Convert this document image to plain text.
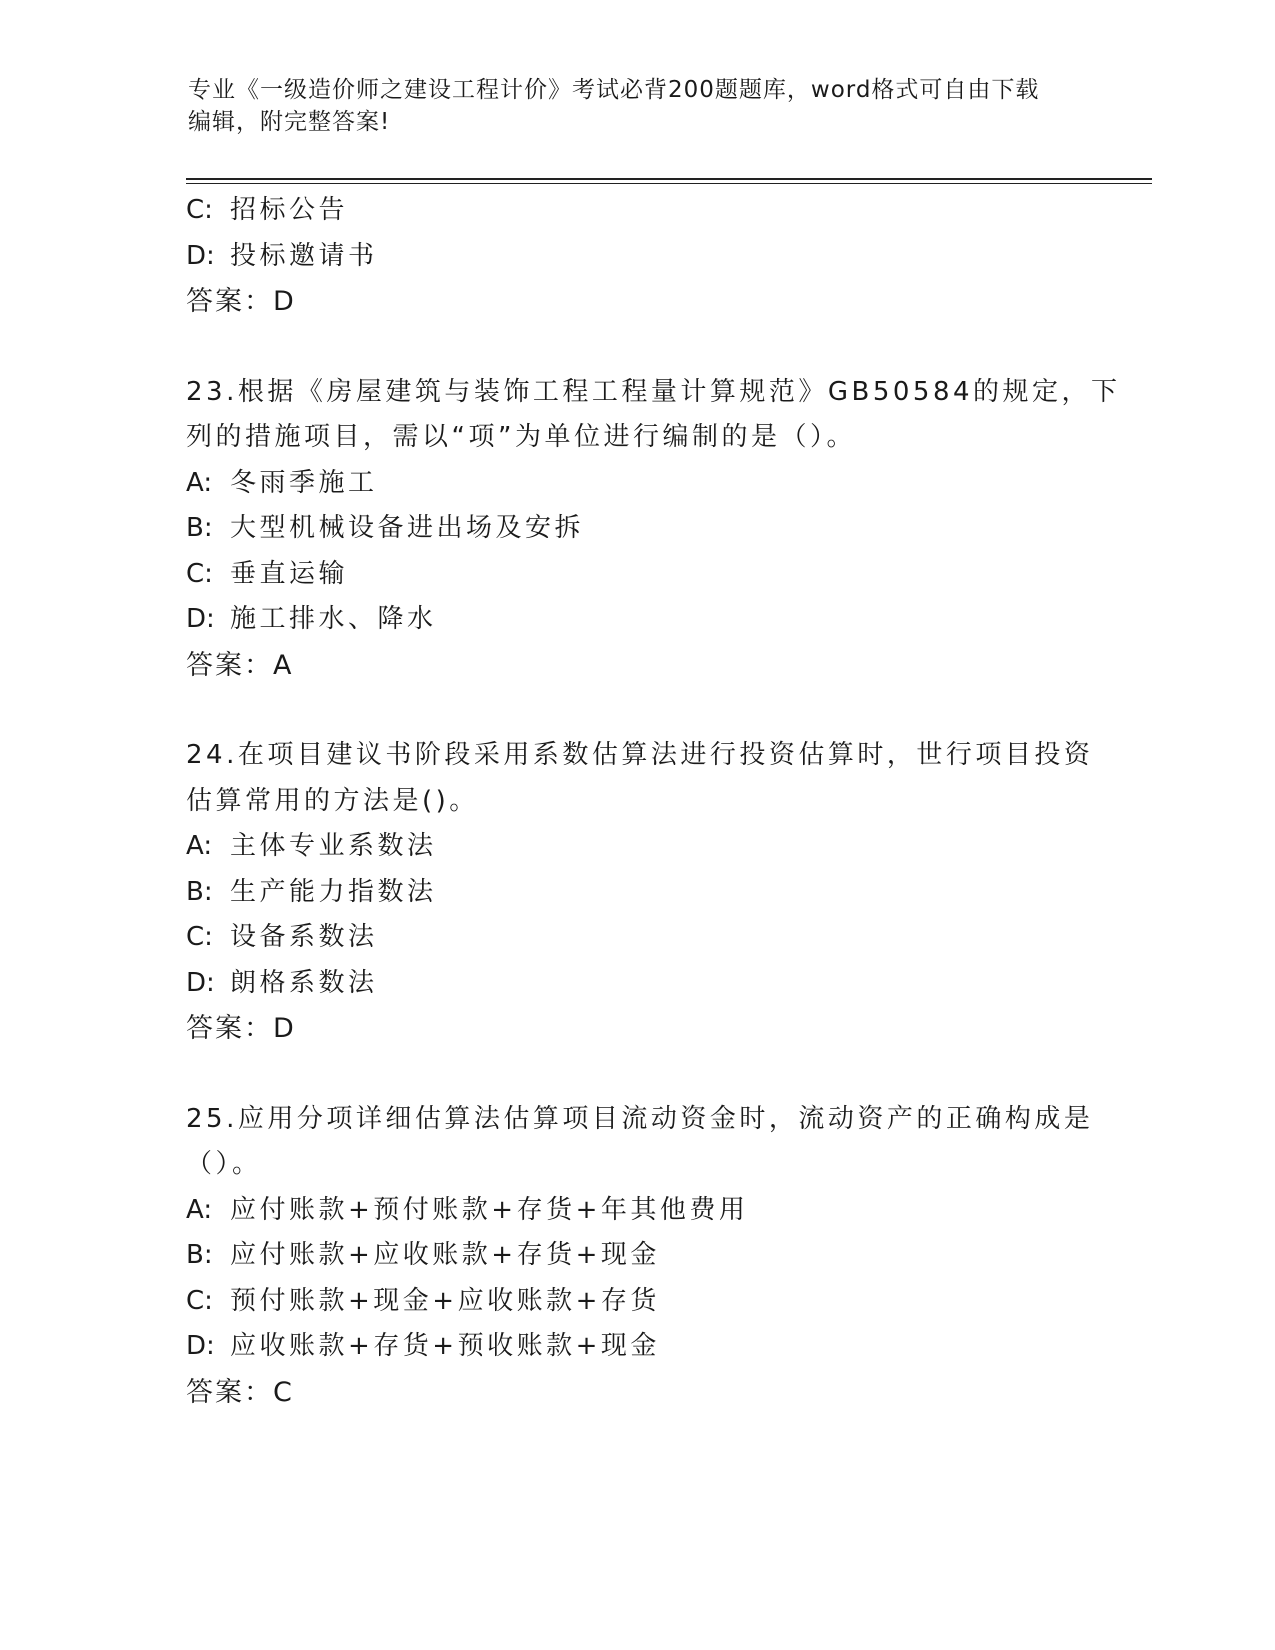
专业《一级造价师之建设工程计价》考试必背200题题库，word格式可自由下载
编辑，附完整答案!
C: 招标公告
D: 投标邀请书
答案：D
23.根据《房屋建筑与装饰工程工程量计算规范》GB50584的规定，下
列的措施项目，需以“项”为单位进行编制的是（）。
A: 冬雨季施工
B: 大型机械设备进出场及安拆
C: 垂直运输
D: 施工排水、降水
答案：A
24.在项目建议书阶段采用系数估算法进行投资估算时，世行项目投资
估算常用的方法是()。
A: 主体专业系数法
B: 生产能力指数法
C: 设备系数法
D: 朗格系数法
答案：D
25.应用分项详细估算法估算项目流动资金时，流动资产的正确构成是
（）。
A: 应付账款+预付账款+存货+年其他费用
B: 应付账款+应收账款+存货+现金
C: 预付账款+现金+应收账款+存货
D: 应收账款+存货+预收账款+现金
答案：C
